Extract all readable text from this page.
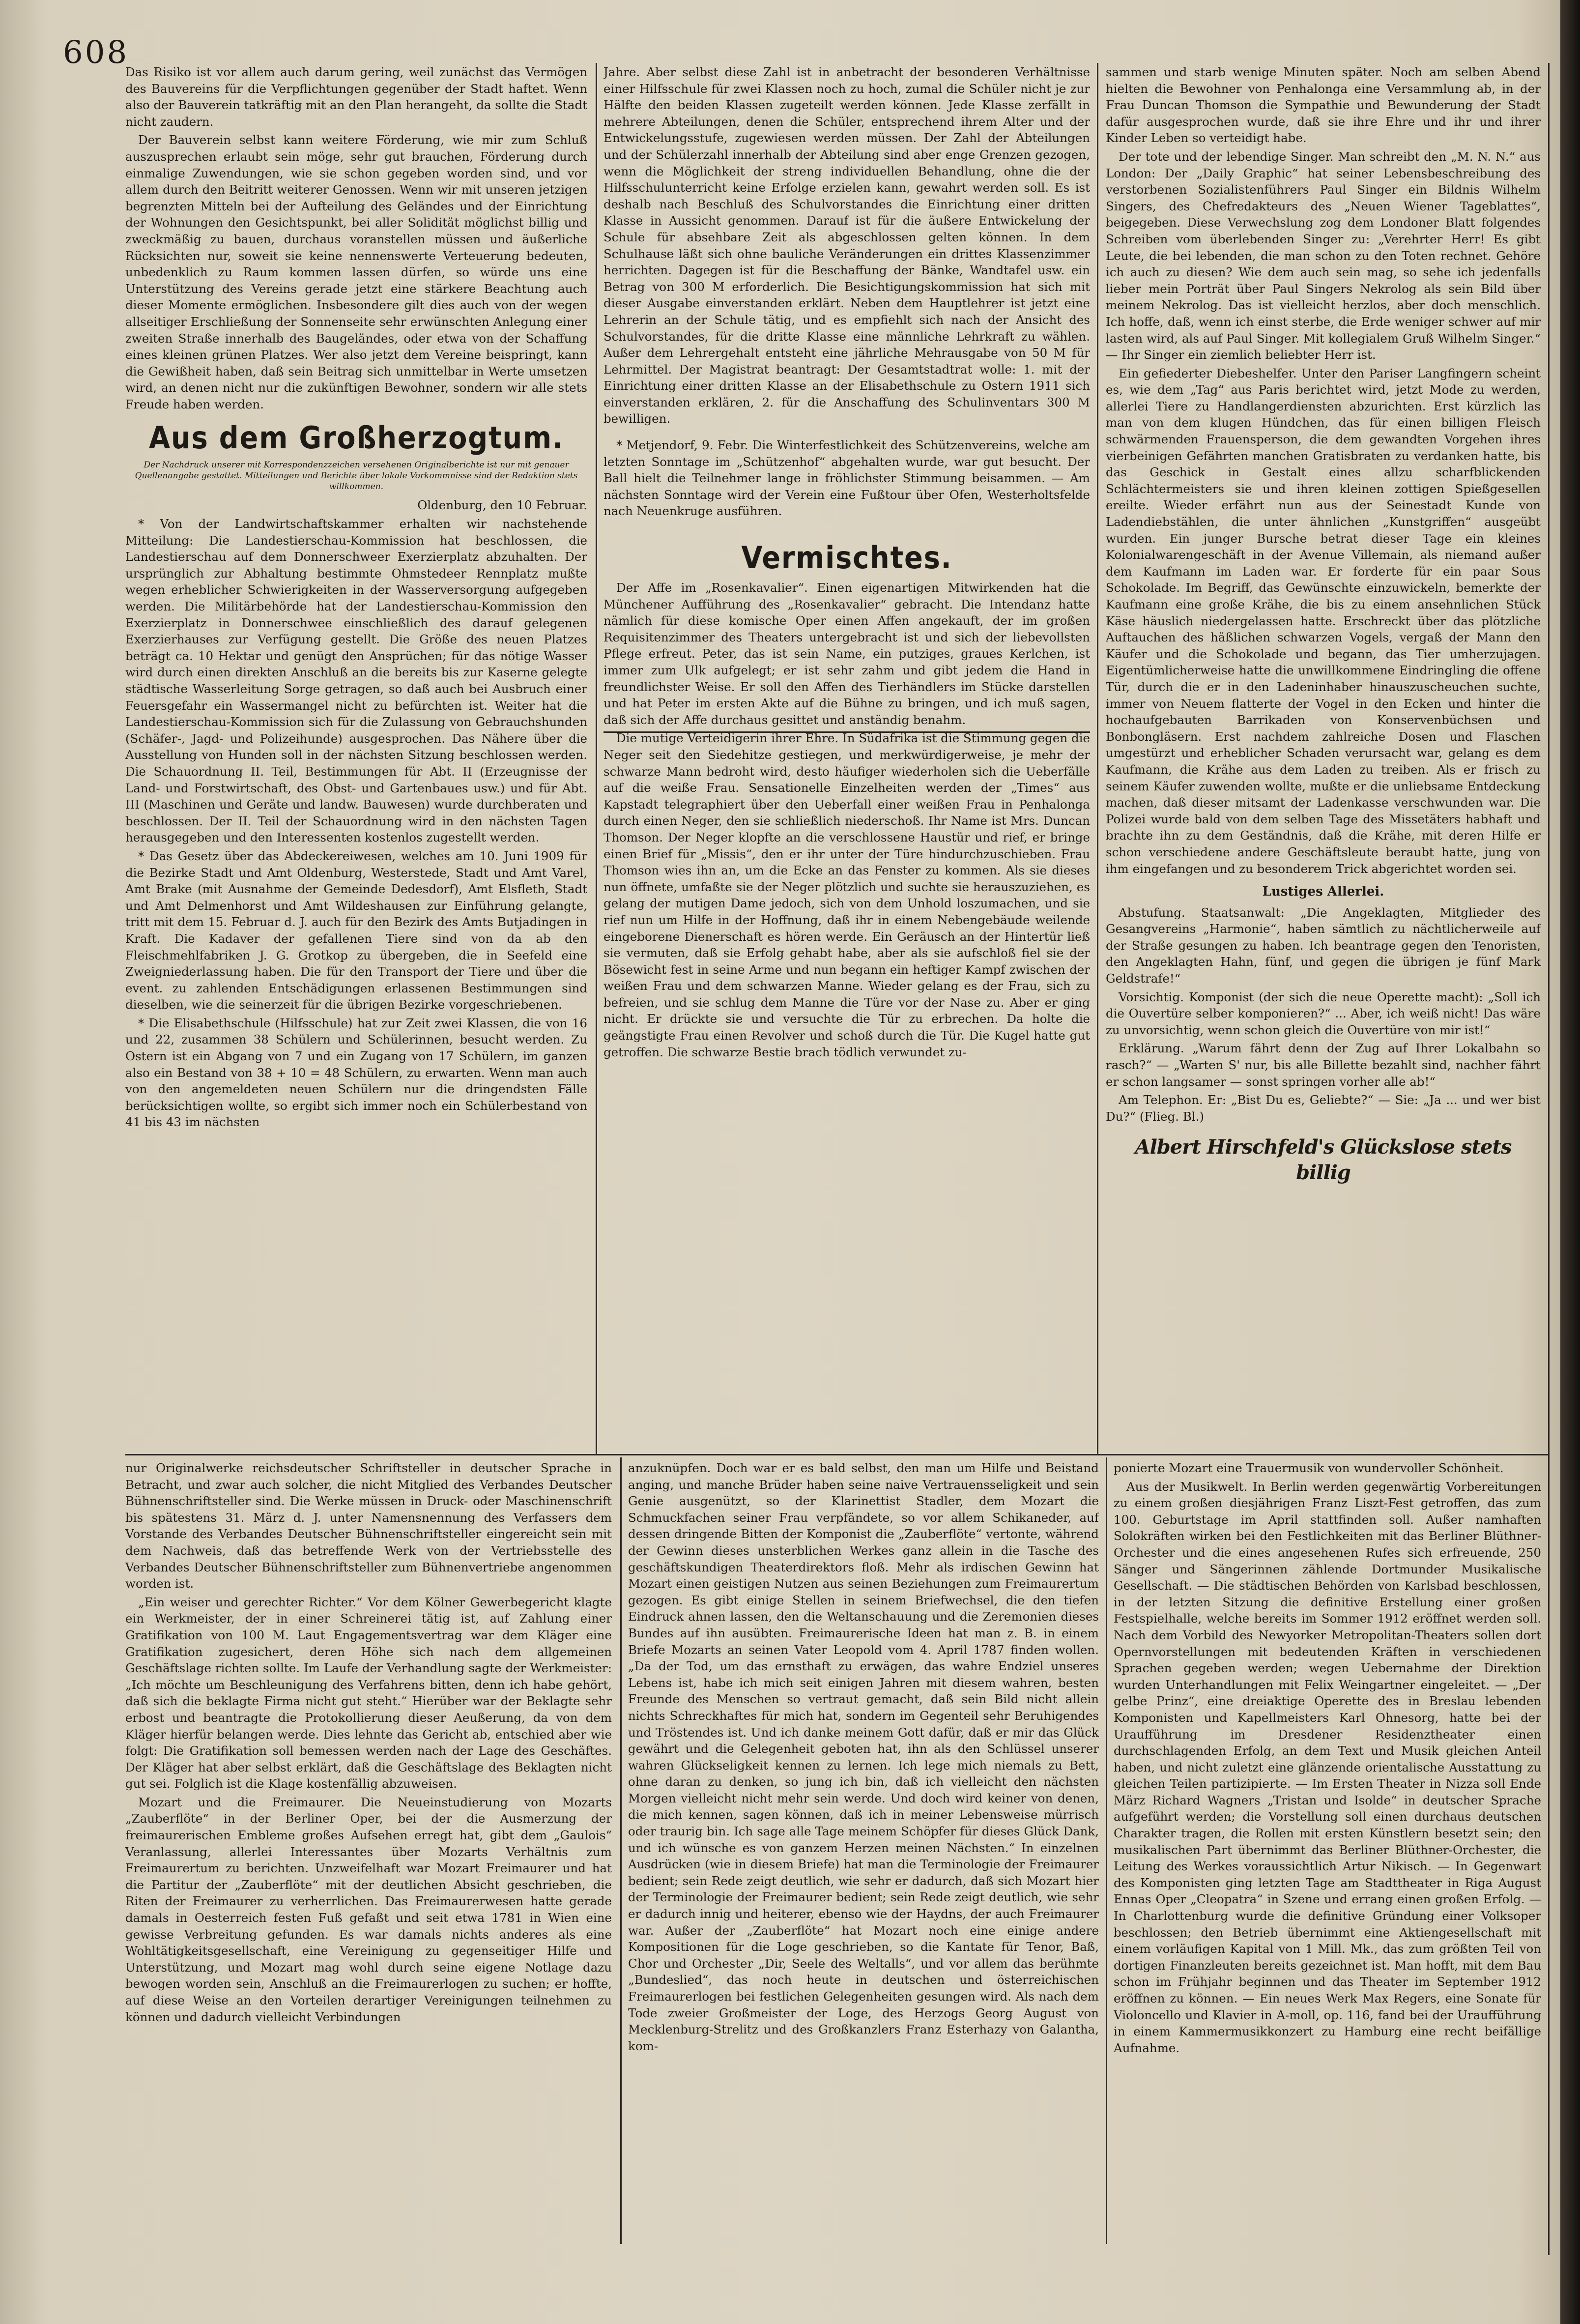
608

Das Risiko ist vor allem auch darum gering, weil zunächst das Vermögen des Bauvereins für die Verpflichtungen gegenüber der Stadt haftet. Wenn also der Bauverein tatkräftig mit an den Plan herangeht, da sollte die Stadt nicht zaudern.

Der Bauverein selbst kann weitere Förderung, wie mir zum Schluß auszusprechen erlaubt sein möge, sehr gut brauchen, Förderung durch einmalige Zuwendungen, wie sie schon gegeben worden sind, und vor allem durch den Beitritt weiterer Genossen. Wenn wir mit unseren jetzigen begrenzten Mitteln bei der Aufteilung des Geländes und der Einrichtung der Wohnungen den Gesichtspunkt, bei aller Solidität möglichst billig und zweckmäßig zu bauen, durchaus voranstellen müssen und äußerliche Rücksichten nur, soweit sie keine nennenswerte Verteuerung bedeuten, unbedenklich zu Raum kommen lassen dürfen, so würde uns eine Unterstützung des Vereins gerade jetzt eine stärkere Beachtung auch dieser Momente ermöglichen. Insbesondere gilt dies auch von der wegen allseitiger Erschließung der Sonnenseite sehr erwünschten Anlegung einer zweiten Straße innerhalb des Baugeländes, oder etwa von der Schaffung eines kleinen grünen Platzes. Wer also jetzt dem Vereine beispringt, kann die Gewißheit haben, daß sein Beitrag sich unmittelbar in Werte umsetzen wird, an denen nicht nur die zukünftigen Bewohner, sondern wir alle stets Freude haben werden.

Aus dem Großherzogtum.
Der Nachdruck unserer mit Korrespondenzzeichen versehenen Originalberichte ist nur mit genauer Quellenangabe gestattet. Mitteilungen und Berichte über lokale Vorkommnisse sind der Redaktion stets willkommen.

Oldenburg, den 10 Februar.

* Von der Landwirtschaftskammer erhalten wir nachstehende Mitteilung: Die Landestierschau-Kommission hat beschlossen, die Landestierschau auf dem Donnerschweer Exerzierplatz abzuhalten. Der ursprünglich zur Abhaltung bestimmte Ohmstedeer Rennplatz mußte wegen erheblicher Schwierigkeiten in der Wasserversorgung aufgegeben werden. Die Militärbehörde hat der Landestierschau-Kommission den Exerzierplatz in Donnerschwee einschließlich des darauf gelegenen Exerzierhauses zur Verfügung gestellt. Die Größe des neuen Platzes beträgt ca. 10 Hektar und genügt den Ansprüchen; für das nötige Wasser wird durch einen direkten Anschluß an die bereits bis zur Kaserne gelegte städtische Wasserleitung Sorge getragen, so daß auch bei Ausbruch einer Feuersgefahr ein Wassermangel nicht zu befürchten ist. Weiter hat die Landestierschau-Kommission sich für die Zulassung von Gebrauchshunden (Schäfer-, Jagd- und Polizeihunde) ausgesprochen. Das Nähere über die Ausstellung von Hunden soll in der nächsten Sitzung beschlossen werden. Die Schauordnung II. Teil, Bestimmungen für Abt. II (Erzeugnisse der Land- und Forstwirtschaft, des Obst- und Gartenbaues usw.) und für Abt. III (Maschinen und Geräte und landw. Bauwesen) wurde durchberaten und beschlossen. Der II. Teil der Schauordnung wird in den nächsten Tagen herausgegeben und den Interessenten kostenlos zugestellt werden.

* Das Gesetz über das Abdeckereiwesen, welches am 10. Juni 1909 für die Bezirke Stadt und Amt Oldenburg, Westerstede, Stadt und Amt Varel, Amt Brake (mit Ausnahme der Gemeinde Dedesdorf), Amt Elsfleth, Stadt und Amt Delmenhorst und Amt Wildeshausen zur Einführung gelangte, tritt mit dem 15. Februar d. J. auch für den Bezirk des Amts Butjadingen in Kraft. Die Kadaver der gefallenen Tiere sind von da ab den Fleischmehlfabriken J. G. Grotkop zu übergeben, die in Seefeld eine Zweigniederlassung haben. Die für den Transport der Tiere und über die event. zu zahlenden Entschädigungen erlassenen Bestimmungen sind dieselben, wie die seinerzeit für die übrigen Bezirke vorgeschriebenen.

* Die Elisabethschule (Hilfsschule) hat zur Zeit zwei Klassen, die von 16 und 22, zusammen 38 Schülern und Schülerinnen, besucht werden. Zu Ostern ist ein Abgang von 7 und ein Zugang von 17 Schülern, im ganzen also ein Bestand von 38 + 10 = 48 Schülern, zu erwarten. Wenn man auch von den angemeldeten neuen Schülern nur die dringendsten Fälle berücksichtigen wollte, so ergibt sich immer noch ein Schülerbestand von 41 bis 43 im nächsten

Jahre. Aber selbst diese Zahl ist in anbetracht der besonderen Verhältnisse einer Hilfsschule für zwei Klassen noch zu hoch, zumal die Schüler nicht je zur Hälfte den beiden Klassen zugeteilt werden können. Jede Klasse zerfällt in mehrere Abteilungen, denen die Schüler, entsprechend ihrem Alter und der Entwickelungsstufe, zugewiesen werden müssen. Der Zahl der Abteilungen und der Schülerzahl innerhalb der Abteilung sind aber enge Grenzen gezogen, wenn die Möglichkeit der streng individuellen Behandlung, ohne die der Hilfsschulunterricht keine Erfolge erzielen kann, gewahrt werden soll. Es ist deshalb nach Beschluß des Schulvorstandes die Einrichtung einer dritten Klasse in Aussicht genommen. Darauf ist für die äußere Entwickelung der Schule für absehbare Zeit als abgeschlossen gelten können. In dem Schulhause läßt sich ohne bauliche Veränderungen ein drittes Klassenzimmer herrichten. Dagegen ist für die Beschaffung der Bänke, Wandtafel usw. ein Betrag von 300 M erforderlich. Die Besichtigungskommission hat sich mit dieser Ausgabe einverstanden erklärt. Neben dem Hauptlehrer ist jetzt eine Lehrerin an der Schule tätig, und es empfiehlt sich nach der Ansicht des Schulvorstandes, für die dritte Klasse eine männliche Lehrkraft zu wählen. Außer dem Lehrergehalt entsteht eine jährliche Mehrausgabe von 50 M für Lehrmittel. Der Magistrat beantragt: Der Gesamtstadtrat wolle: 1. mit der Einrichtung einer dritten Klasse an der Elisabethschule zu Ostern 1911 sich einverstanden erklären, 2. für die Anschaffung des Schulinventars 300 M bewilligen.

* Metjendorf, 9. Febr. Die Winterfestlichkeit des Schützenvereins, welche am letzten Sonntage im „Schützenhof“ abgehalten wurde, war gut besucht. Der Ball hielt die Teilnehmer lange in fröhlichster Stimmung beisammen. — Am nächsten Sonntage wird der Verein eine Fußtour über Ofen, Westerholtsfelde nach Neuenkruge ausführen.

Vermischtes.

Der Affe im „Rosenkavalier“. Einen eigenartigen Mitwirkenden hat die Münchener Aufführung des „Rosenkavalier“ gebracht. Die Intendanz hatte nämlich für diese komische Oper einen Affen angekauft, der im großen Requisitenzimmer des Theaters untergebracht ist und sich der liebevollsten Pflege erfreut. Peter, das ist sein Name, ein putziges, graues Kerlchen, ist immer zum Ulk aufgelegt; er ist sehr zahm und gibt jedem die Hand in freundlichster Weise. Er soll den Affen des Tierhändlers im Stücke darstellen und hat Peter im ersten Akte auf die Bühne zu bringen, und ich muß sagen, daß sich der Affe durchaus gesittet und anständig benahm.

Die mutige Verteidigerin ihrer Ehre. In Südafrika ist die Stimmung gegen die Neger seit den Siedehitze gestiegen, und merkwürdigerweise, je mehr der schwarze Mann bedroht wird, desto häufiger wiederholen sich die Ueberfälle auf die weiße Frau. Sensationelle Einzelheiten werden der „Times“ aus Kapstadt telegraphiert über den Ueberfall einer weißen Frau in Penhalonga durch einen Neger, den sie schließlich niederschoß. Ihr Name ist Mrs. Duncan Thomson. Der Neger klopfte an die verschlossene Haustür und rief, er bringe einen Brief für „Missis“, den er ihr unter der Türe hindurchzuschieben. Frau Thomson wies ihn an, um die Ecke an das Fenster zu kommen. Als sie dieses nun öffnete, umfaßte sie der Neger plötzlich und suchte sie herauszuziehen, es gelang der mutigen Dame jedoch, sich von dem Unhold loszumachen, und sie rief nun um Hilfe in der Hoffnung, daß ihr in einem Nebengebäude weilende eingeborene Dienerschaft es hören werde. Ein Geräusch an der Hintertür ließ sie vermuten, daß sie Erfolg gehabt habe, aber als sie aufschloß fiel sie der Bösewicht fest in seine Arme und nun begann ein heftiger Kampf zwischen der weißen Frau und dem schwarzen Manne. Wieder gelang es der Frau, sich zu befreien, und sie schlug dem Manne die Türe vor der Nase zu. Aber er ging nicht. Er drückte sie und versuchte die Tür zu erbrechen. Da holte die geängstigte Frau einen Revolver und schoß durch die Tür. Die Kugel hatte gut getroffen. Die schwarze Bestie brach tödlich verwundet zu-

sammen und starb wenige Minuten später. Noch am selben Abend hielten die Bewohner von Penhalonga eine Versammlung ab, in der Frau Duncan Thomson die Sympathie und Bewunderung der Stadt dafür ausgesprochen wurde, daß sie ihre Ehre und ihr und ihrer Kinder Leben so verteidigt habe.

Der tote und der lebendige Singer. Man schreibt den „M. N. N.“ aus London: Der „Daily Graphic“ hat seiner Lebensbeschreibung des verstorbenen Sozialistenführers Paul Singer ein Bildnis Wilhelm Singers, des Chefredakteurs des „Neuen Wiener Tageblattes“, beigegeben. Diese Verwechslung zog dem Londoner Blatt folgendes Schreiben vom überlebenden Singer zu: „Verehrter Herr! Es gibt Leute, die bei lebenden, die man schon zu den Toten rechnet. Gehöre ich auch zu diesen? Wie dem auch sein mag, so sehe ich jedenfalls lieber mein Porträt über Paul Singers Nekrolog als sein Bild über meinem Nekrolog. Das ist vielleicht herzlos, aber doch menschlich. Ich hoffe, daß, wenn ich einst sterbe, die Erde weniger schwer auf mir lasten wird, als auf Paul Singer. Mit kollegialem Gruß Wilhelm Singer.“ — Ihr Singer ein ziemlich beliebter Herr ist.

Ein gefiederter Diebeshelfer. Unter den Pariser Langfingern scheint es, wie dem „Tag“ aus Paris berichtet wird, jetzt Mode zu werden, allerlei Tiere zu Handlangerdiensten abzurichten. Erst kürzlich las man von dem klugen Hündchen, das für einen billigen Fleisch schwärmenden Frauensperson, die dem gewandten Vorgehen ihres vierbeinigen Gefährten manchen Gratisbraten zu verdanken hatte, bis das Geschick in Gestalt eines allzu scharfblickenden Schlächtermeisters sie und ihren kleinen zottigen Spießgesellen ereilte. Wieder erfährt nun aus der Seinestadt Kunde von Ladendiebstählen, die unter ähnlichen „Kunstgriffen“ ausgeübt wurden. Ein junger Bursche betrat dieser Tage ein kleines Kolonialwarengeschäft in der Avenue Villemain, als niemand außer dem Kaufmann im Laden war. Er forderte für ein paar Sous Schokolade. Im Begriff, das Gewünschte einzuwickeln, bemerkte der Kaufmann eine große Krähe, die bis zu einem ansehnlichen Stück Käse häuslich niedergelassen hatte. Erschreckt über das plötzliche Auftauchen des häßlichen schwarzen Vogels, vergaß der Mann den Käufer und die Schokolade und begann, das Tier umherzujagen. Eigentümlicherweise hatte die unwillkommene Eindringling die offene Tür, durch die er in den Ladeninhaber hinauszuscheuchen suchte, immer von Neuem flatterte der Vogel in den Ecken und hinter die hochaufgebauten Barrikaden von Konservenbüchsen und Bonbongläsern. Erst nachdem zahlreiche Dosen und Flaschen umgestürzt und erheblicher Schaden verursacht war, gelang es dem Kaufmann, die Krähe aus dem Laden zu treiben. Als er frisch zu seinem Käufer zuwenden wollte, mußte er die unliebsame Entdeckung machen, daß dieser mitsamt der Ladenkasse verschwunden war. Die Polizei wurde bald von dem selben Tage des Missetäters habhaft und brachte ihn zu dem Geständnis, daß die Krähe, mit deren Hilfe er schon verschiedene andere Geschäftsleute beraubt hatte, jung von ihm eingefangen und zu besonderem Trick abgerichtet worden sei.

Lustiges Allerlei.

Abstufung. Staatsanwalt: „Die Angeklagten, Mitglieder des Gesangvereins „Harmonie“, haben sämtlich zu nächtlicherweile auf der Straße gesungen zu haben. Ich beantrage gegen den Tenoristen, den Angeklagten Hahn, fünf, und gegen die übrigen je fünf Mark Geldstrafe!“

Vorsichtig. Komponist (der sich die neue Operette macht): „Soll ich die Ouvertüre selber komponieren?“ ... Aber, ich weiß nicht! Das wäre zu unvorsichtig, wenn schon gleich die Ouvertüre von mir ist!“

Erklärung. „Warum fährt denn der Zug auf Ihrer Lokalbahn so rasch?“ — „Warten S' nur, bis alle Billette bezahlt sind, nachher fährt er schon langsamer — sonst springen vorher alle ab!“

Am Telephon. Er: „Bist Du es, Geliebte?“ — Sie: „Ja ... und wer bist Du?“ (Flieg. Bl.)

Albert Hirschfeld's Glückslose stets billig

nur Originalwerke reichsdeutscher Schriftsteller in deutscher Sprache in Betracht, und zwar auch solcher, die nicht Mitglied des Verbandes Deutscher Bühnenschriftsteller sind. Die Werke müssen in Druck- oder Maschinenschrift bis spätestens 31. März d. J. unter Namensnennung des Verfassers dem Vorstande des Verbandes Deutscher Bühnenschriftsteller eingereicht sein mit dem Nachweis, daß das betreffende Werk von der Vertriebsstelle des Verbandes Deutscher Bühnenschriftsteller zum Bühnenvertriebe angenommen worden ist.

„Ein weiser und gerechter Richter.“ Vor dem Kölner Gewerbegericht klagte ein Werkmeister, der in einer Schreinerei tätig ist, auf Zahlung einer Gratifikation von 100 M. Laut Engagementsvertrag war dem Kläger eine Gratifikation zugesichert, deren Höhe sich nach dem allgemeinen Geschäftslage richten sollte. Im Laufe der Verhandlung sagte der Werkmeister: „Ich möchte um Beschleunigung des Verfahrens bitten, denn ich habe gehört, daß sich die beklagte Firma nicht gut steht.“ Hierüber war der Beklagte sehr erbost und beantragte die Protokollierung dieser Aeußerung, da von dem Kläger hierfür belangen werde. Dies lehnte das Gericht ab, entschied aber wie folgt: Die Gratifikation soll bemessen werden nach der Lage des Geschäftes. Der Kläger hat aber selbst erklärt, daß die Geschäftslage des Beklagten nicht gut sei. Folglich ist die Klage kostenfällig abzuweisen.

Mozart und die Freimaurer. Die Neueinstudierung von Mozarts „Zauberflöte“ in der Berliner Oper, bei der die Ausmerzung der freimaurerischen Embleme großes Aufsehen erregt hat, gibt dem „Gaulois“ Veranlassung, allerlei Interessantes über Mozarts Verhältnis zum Freimaurertum zu berichten. Unzweifelhaft war Mozart Freimaurer und hat die Partitur der „Zauberflöte“ mit der deutlichen Absicht geschrieben, die Riten der Freimaurer zu verherrlichen. Das Freimaurerwesen hatte gerade damals in Oesterreich festen Fuß gefaßt und seit etwa 1781 in Wien eine gewisse Verbreitung gefunden. Es war damals nichts anderes als eine Wohltätigkeitsgesellschaft, eine Vereinigung zu gegenseitiger Hilfe und Unterstützung, und Mozart mag wohl durch seine eigene Notlage dazu bewogen worden sein, Anschluß an die Freimaurerlogen zu suchen; er hoffte, auf diese Weise an den Vorteilen derartiger Vereinigungen teilnehmen zu können und dadurch vielleicht Verbindungen

anzuknüpfen. Doch war er es bald selbst, den man um Hilfe und Beistand anging, und manche Brüder haben seine naive Vertrauensseligkeit und sein Genie ausgenützt, so der Klarinettist Stadler, dem Mozart die Schmuckfachen seiner Frau verpfändete, so vor allem Schikaneder, auf dessen dringende Bitten der Komponist die „Zauberflöte“ vertonte, während der Gewinn dieses unsterblichen Werkes ganz allein in die Tasche des geschäftskundigen Theaterdirektors floß. Mehr als irdischen Gewinn hat Mozart einen geistigen Nutzen aus seinen Beziehungen zum Freimaurertum gezogen. Es gibt einige Stellen in seinem Briefwechsel, die den tiefen Eindruck ahnen lassen, den die Weltanschauung und die Zeremonien dieses Bundes auf ihn ausübten. Freimaurerische Ideen hat man z. B. in einem Briefe Mozarts an seinen Vater Leopold vom 4. April 1787 finden wollen. „Da der Tod, um das ernsthaft zu erwägen, das wahre Endziel unseres Lebens ist, habe ich mich seit einigen Jahren mit diesem wahren, besten Freunde des Menschen so vertraut gemacht, daß sein Bild nicht allein nichts Schreckhaftes für mich hat, sondern im Gegenteil sehr Beruhigendes und Tröstendes ist. Und ich danke meinem Gott dafür, daß er mir das Glück gewährt und die Gelegenheit geboten hat, ihn als den Schlüssel unserer wahren Glückseligkeit kennen zu lernen. Ich lege mich niemals zu Bett, ohne daran zu denken, so jung ich bin, daß ich vielleicht den nächsten Morgen vielleicht nicht mehr sein werde. Und doch wird keiner von denen, die mich kennen, sagen können, daß ich in meiner Lebensweise mürrisch oder traurig bin. Ich sage alle Tage meinem Schöpfer für dieses Glück Dank, und ich wünsche es von ganzem Herzen meinen Nächsten.“ In einzelnen Ausdrücken (wie in diesem Briefe) hat man die Terminologie der Freimaurer bedient; sein Rede zeigt deutlich, wie sehr er dadurch, daß sich Mozart hier der Terminologie der Freimaurer bedient; sein Rede zeigt deutlich, wie sehr er dadurch innig und heiterer, ebenso wie der Haydns, der auch Freimaurer war. Außer der „Zauberflöte“ hat Mozart noch eine einige andere Kompositionen für die Loge geschrieben, so die Kantate für Tenor, Baß, Chor und Orchester „Dir, Seele des Weltalls“, und vor allem das berühmte „Bundeslied“, das noch heute in deutschen und österreichischen Freimaurerlogen bei festlichen Gelegenheiten gesungen wird. Als nach dem Tode zweier Großmeister der Loge, des Herzogs Georg August von Mecklenburg-Strelitz und des Großkanzlers Franz Esterhazy von Galantha, kom-

ponierte Mozart eine Trauermusik von wundervoller Schönheit.

Aus der Musikwelt. In Berlin werden gegenwärtig Vorbereitungen zu einem großen diesjährigen Franz Liszt-Fest getroffen, das zum 100. Geburtstage im April stattfinden soll. Außer namhaften Solokräften wirken bei den Festlichkeiten mit das Berliner Blüthner-Orchester und die eines angesehenen Rufes sich erfreuende, 250 Sänger und Sängerinnen zählende Dortmunder Musikalische Gesellschaft. — Die städtischen Behörden von Karlsbad beschlossen, in der letzten Sitzung die definitive Erstellung einer großen Festspielhalle, welche bereits im Sommer 1912 eröffnet werden soll. Nach dem Vorbild des Newyorker Metropolitan-Theaters sollen dort Opernvorstellungen mit bedeutenden Kräften in verschiedenen Sprachen gegeben werden; wegen Uebernahme der Direktion wurden Unterhandlungen mit Felix Weingartner eingeleitet. — „Der gelbe Prinz“, eine dreiaktige Operette des in Breslau lebenden Komponisten und Kapellmeisters Karl Ohnesorg, hatte bei der Uraufführung im Dresdener Residenztheater einen durchschlagenden Erfolg, an dem Text und Musik gleichen Anteil haben, und nicht zuletzt eine glänzende orientalische Ausstattung zu gleichen Teilen partizipierte. — Im Ersten Theater in Nizza soll Ende März Richard Wagners „Tristan und Isolde“ in deutscher Sprache aufgeführt werden; die Vorstellung soll einen durchaus deutschen Charakter tragen, die Rollen mit ersten Künstlern besetzt sein; den musikalischen Part übernimmt das Berliner Blüthner-Orchester, die Leitung des Werkes voraussichtlich Artur Nikisch. — In Gegenwart des Komponisten ging letzten Tage am Stadttheater in Riga August Ennas Oper „Cleopatra“ in Szene und errang einen großen Erfolg. — In Charlottenburg wurde die definitive Gründung einer Volksoper beschlossen; den Betrieb übernimmt eine Aktiengesellschaft mit einem vorläufigen Kapital von 1 Mill. Mk., das zum größten Teil von dortigen Finanzleuten bereits gezeichnet ist. Man hofft, mit dem Bau schon im Frühjahr beginnen und das Theater im September 1912 eröffnen zu können. — Ein neues Werk Max Regers, eine Sonate für Violoncello und Klavier in A-moll, op. 116, fand bei der Uraufführung in einem Kammermusikkonzert zu Hamburg eine recht beifällige Aufnahme.
